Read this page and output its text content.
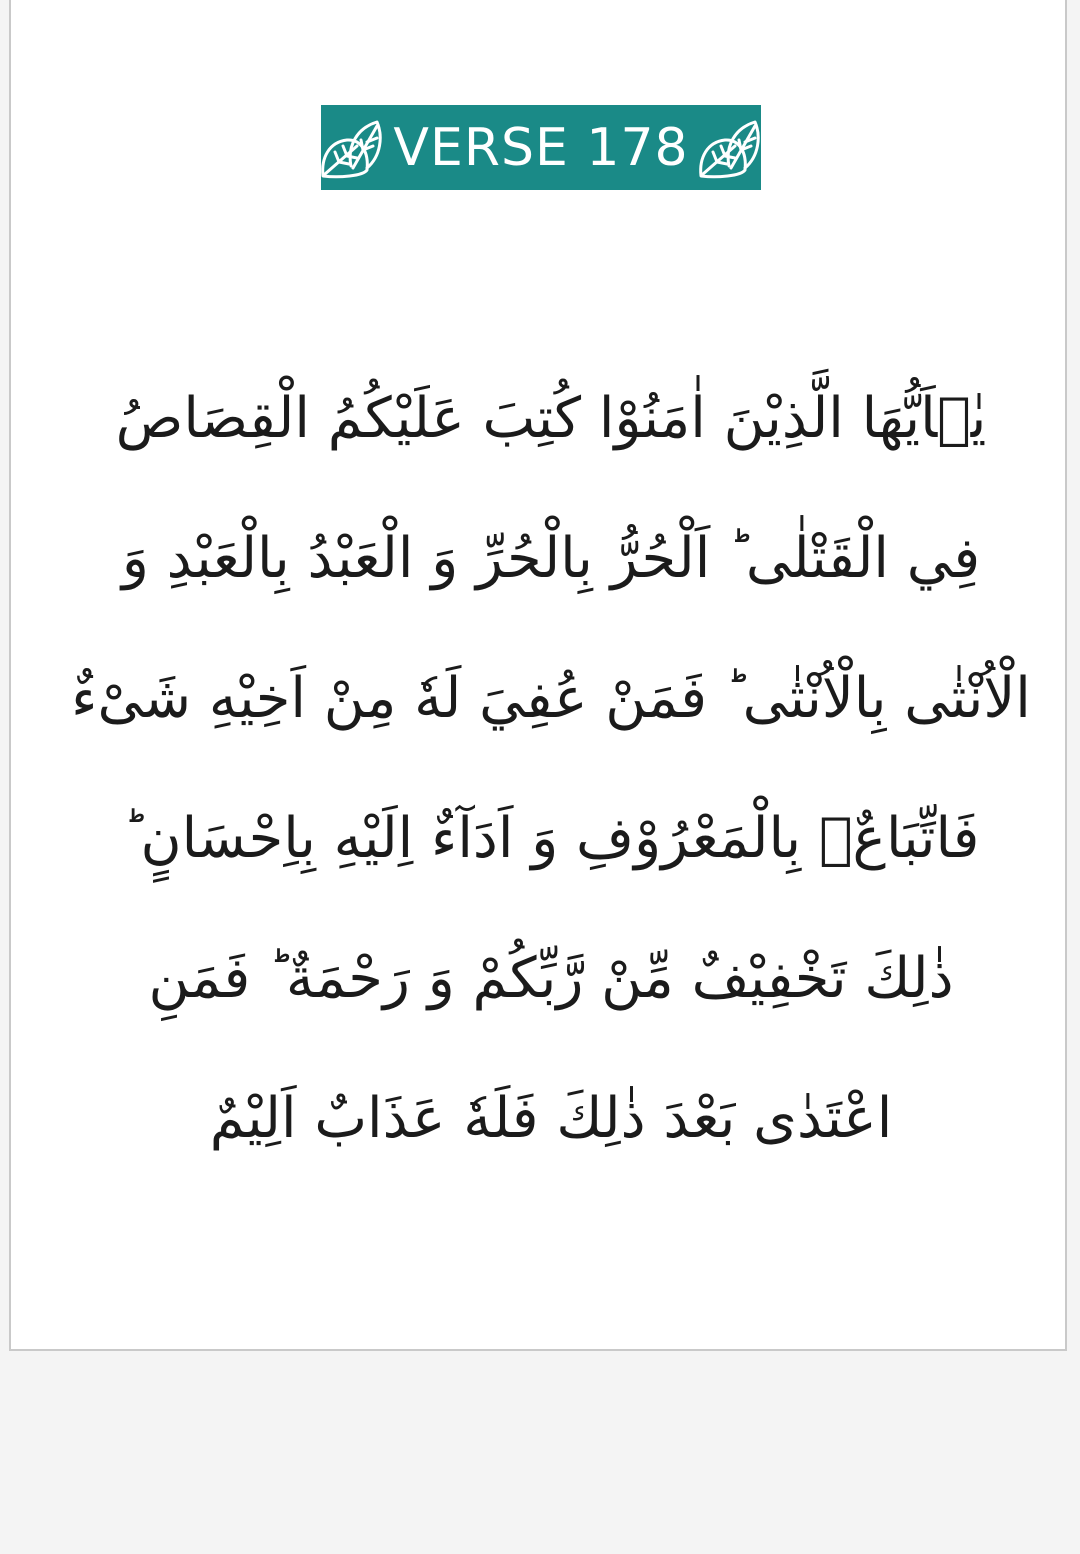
VERSE 178
يٰۤاَيُّهَا الَّذِيْنَ اٰمَنُوْا كُتِبَ عَلَيْكُمُ الْقِصَاصُ
فِي الْقَتْلٰى ؕ اَلْحُرُّ بِالْحُرِّ وَ الْعَبْدُ بِالْعَبْدِ وَ
الْاُنْثٰى بِالْاُنْثٰى ؕ فَمَنْ عُفِيَ لَهٗ مِنْ اَخِيْهِ شَیْءٌ
فَاتِّبَاعٌۢ بِالْمَعْرُوْفِ وَ اَدَآءٌ اِلَيْهِ بِاِحْسَانٍ ؕ
ذٰلِكَ تَخْفِيْفٌ مِّنْ رَّبِّكُمْ وَ رَحْمَةٌ ؕ فَمَنِ
اعْتَدٰى بَعْدَ ذٰلِكَ فَلَهٗ عَذَابٌ اَلِيْمٌ
